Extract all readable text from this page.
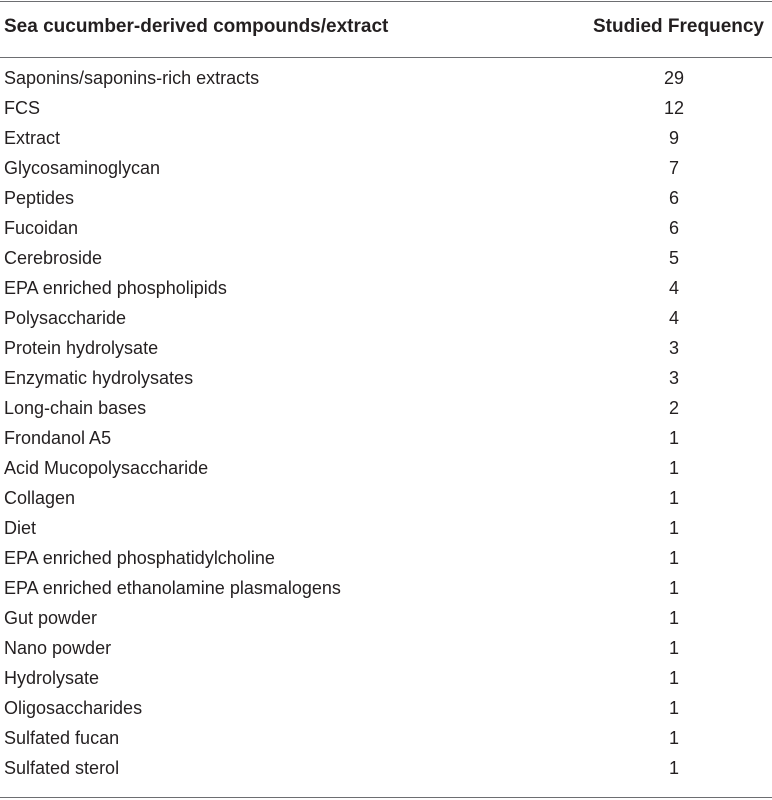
Sea cucumber-derived compounds/extract	Studied Frequency
Saponins/saponins-rich extracts	29
FCS	12
Extract	9
Glycosaminoglycan	7
Peptides	6
Fucoidan	6
Cerebroside	5
EPA enriched phospholipids	4
Polysaccharide	4
Protein hydrolysate	3
Enzymatic hydrolysates	3
Long-chain bases	2
Frondanol A5	1
Acid Mucopolysaccharide	1
Collagen	1
Diet	1
EPA enriched phosphatidylcholine	1
EPA enriched ethanolamine plasmalogens	1
Gut powder	1
Nano powder	1
Hydrolysate	1
Oligosaccharides	1
Sulfated fucan	1
Sulfated sterol	1
